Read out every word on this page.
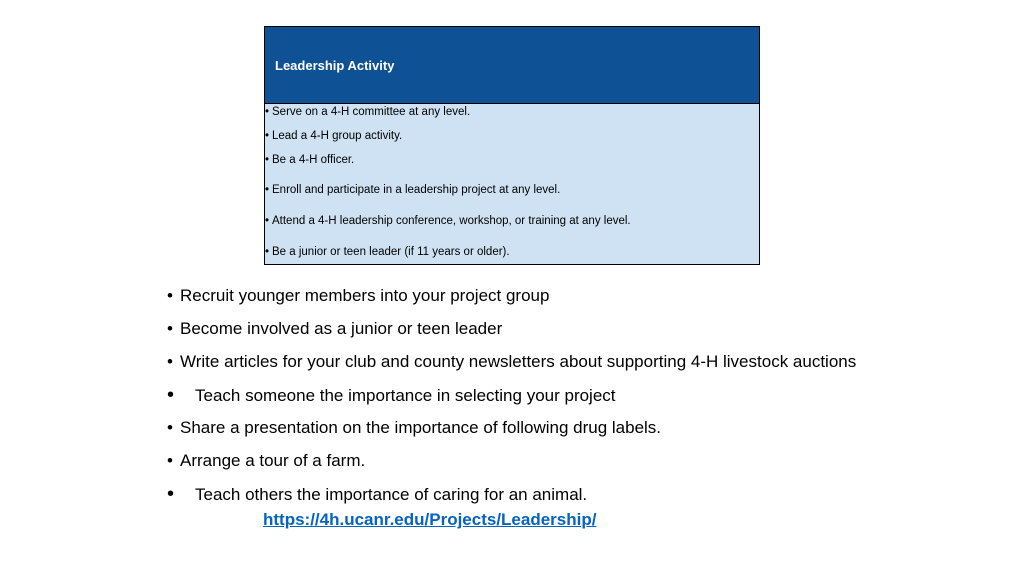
Leadership Activity
• Serve on a 4-H committee at any level.
• Lead a 4-H group activity.
• Be a 4-H officer.
• Enroll and participate in a leadership project at any level.
• Attend a 4-H leadership conference, workshop, or training at any level.
• Be a junior or teen leader (if 11 years or older).
• Recruit younger members into your project group
• Become involved as a junior or teen leader
• Write articles for your club and county newsletters about supporting 4-H livestock auctions
• Teach someone the importance in selecting your project
• Share a presentation on the importance of following drug labels.
• Arrange a tour of a farm.
• Teach others the importance of caring for an animal.
https://4h.ucanr.edu/Projects/Leadership/
